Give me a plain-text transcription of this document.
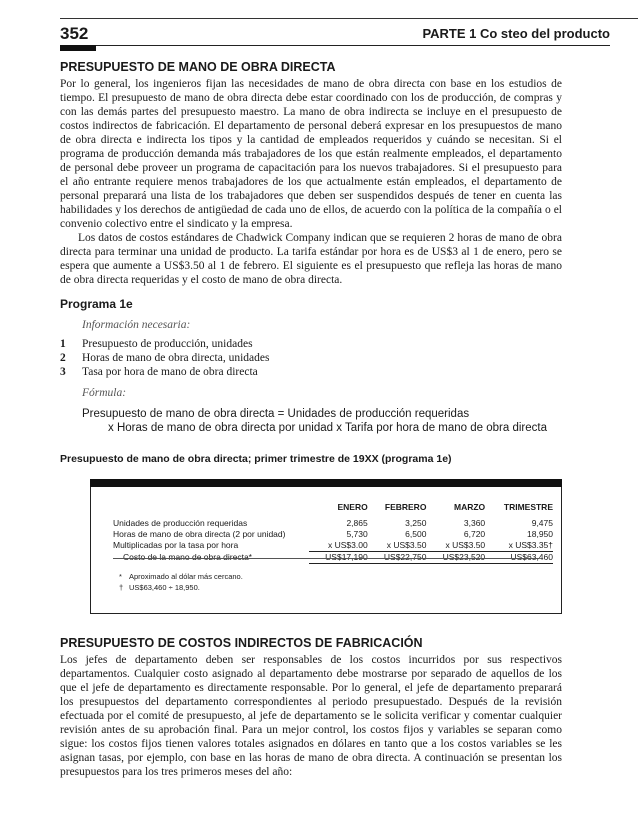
352	PARTE 1 Co steo del producto
PRESUPUESTO DE MANO DE OBRA DIRECTA

Por lo general, los ingenieros fijan las necesidades de mano de obra directa con base en los estudios de tiempo. El presupuesto de mano de obra directa debe estar coordinado con los de producción, de compras y con las demás partes del presupuesto maestro. La mano de obra indirecta se incluye en el presupuesto de costos indirectos de fabricación. El departamento de personal deberá expresar en los presupuestos de mano de obra directa e indirecta los tipos y la cantidad de empleados requeridos y cuándo se necesitan. Si el programa de producción demanda más trabajadores de los que están realmente empleados, el departamento de personal debe proveer un programa de capacitación para los nuevos trabajadores. Si el presupuesto para el año entrante requiere menos trabajadores de los que actualmente están empleados, el departamento de personal preparará una lista de los trabajadores que deben ser suspendidos después de tener en cuenta las habilidades y los derechos de antigüedad de cada uno de ellos, de acuerdo con la política de la compañía o el convenio colectivo entre el sindicato y la empresa.

Los datos de costos estándares de Chadwick Company indican que se requieren 2 horas de mano de obra directa para terminar una unidad de producto. La tarifa estándar por hora es de US$3 al 1 de enero, pero se espera que aumente a US$3.50 al 1 de febrero. El siguiente es el presupuesto que refleja las horas de mano de obra directa requeridas y el costo de mano de obra directa.

Programa 1e
Información necesaria:
1	Presupuesto de producción, unidades
2	Horas de mano de obra directa, unidades
3	Tasa por hora de mano de obra directa
Fórmula:
Presupuesto de mano de obra directa = Unidades de producción requeridas
x Horas de mano de obra directa por unidad x Tarifa por hora de mano de obra directa
Presupuesto de mano de obra directa; primer trimestre de 19XX (programa 1e)
	ENERO	FEBRERO	MARZO	TRIMESTRE
Unidades de producción requeridas	2,865	3,250	3,360	9,475
Horas de mano de obra directa (2 por unidad)	5,730	6,500	6,720	18,950
Multiplicadas por la tasa por hora	x US$3.00	x US$3.50	x US$3.50	x US$3.35†
Costo de la mano de obra directa*	US$17,190	US$22,750	US$23,520	US$63,460
* Aproximado al dólar más cercano.
† US$63,460 ÷ 18,950.
PRESUPUESTO DE COSTOS INDIRECTOS DE FABRICACIÓN

Los jefes de departamento deben ser responsables de los costos incurridos por sus respectivos departamentos. Cualquier costo asignado al departamento debe mostrarse por separado de aquellos de los que el jefe de departamento es directamente responsable. Por lo general, el jefe de departamento preparará los presupuestos del departamento correspondientes al periodo presupuestado. Después de la revisión efectuada por el comité de presupuesto, al jefe de departamento se le solicita verificar y comentar cualquier revisión antes de su aprobación final. Para un mejor control, los costos fijos y variables se separan como sigue: los costos fijos tienen valores totales asignados en dólares en tanto que a los costos variables se les asignan tasas, por ejemplo, con base en las horas de mano de obra directa. A continuación se presentan los presupuestos para los tres primeros meses del año:
